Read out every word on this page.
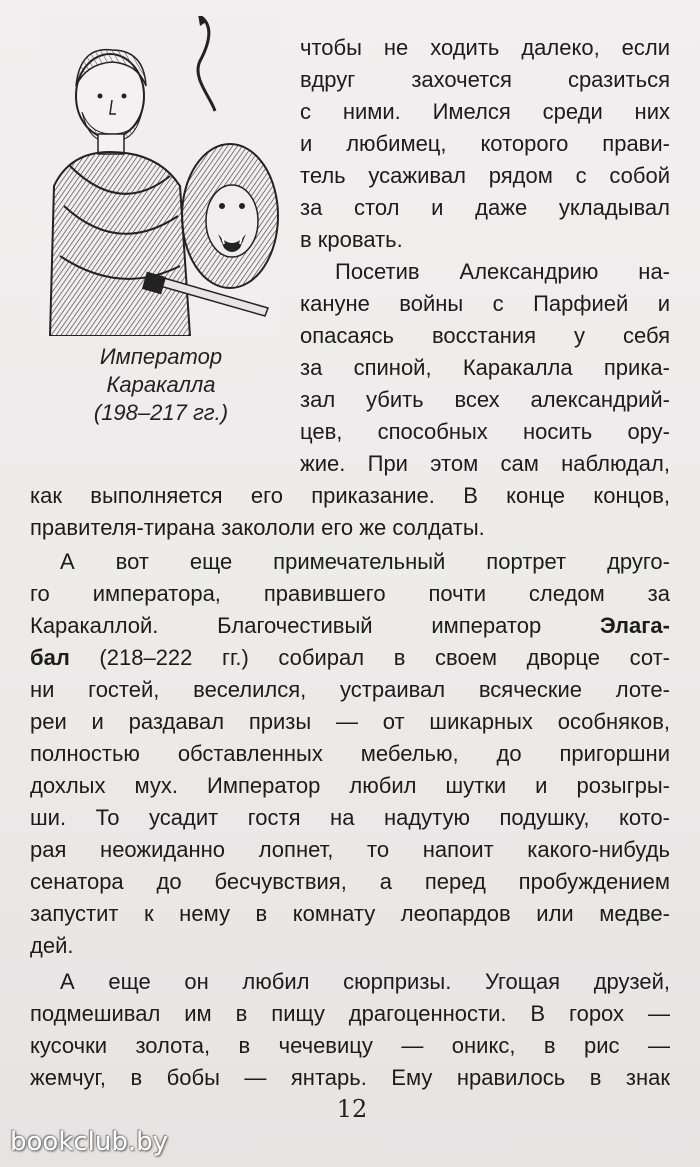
Император
Каракалла
(198–217 гг.)
чтобы не ходить далеко, если
вдруг захочется сразиться
с ними. Имелся среди них
и любимец, которого прави-
тель усаживал рядом с собой
за стол и даже укладывал
в кровать.
Посетив Александрию на-
кануне войны с Парфией и
опасаясь восстания у себя
за спиной, Каракалла прика-
зал убить всех александрий-
цев, способных носить ору-
жие. При этом сам наблюдал,
как выполняется его приказание. В конце концов,
правителя-тирана закололи его же солдаты.
А вот еще примечательный портрет друго-
го императора, правившего почти следом за
Каракаллой. Благочестивый император Элага-
бал (218–222 гг.) собирал в своем дворце сот-
ни гостей, веселился, устраивал всяческие лоте-
реи и раздавал призы — от шикарных особняков,
полностью обставленных мебелью, до пригоршни
дохлых мух. Император любил шутки и розыгры-
ши. То усадит гостя на надутую подушку, кото-
рая неожиданно лопнет, то напоит какого-нибудь
сенатора до бесчувствия, а перед пробуждением
запустит к нему в комнату леопардов или медве-
дей.
А еще он любил сюрпризы. Угощая друзей,
подмешивал им в пищу драгоценности. В горох —
кусочки золота, в чечевицу — оникс, в рис —
жемчуг, в бобы — янтарь. Ему нравилось в знак
12
bookclub.by
